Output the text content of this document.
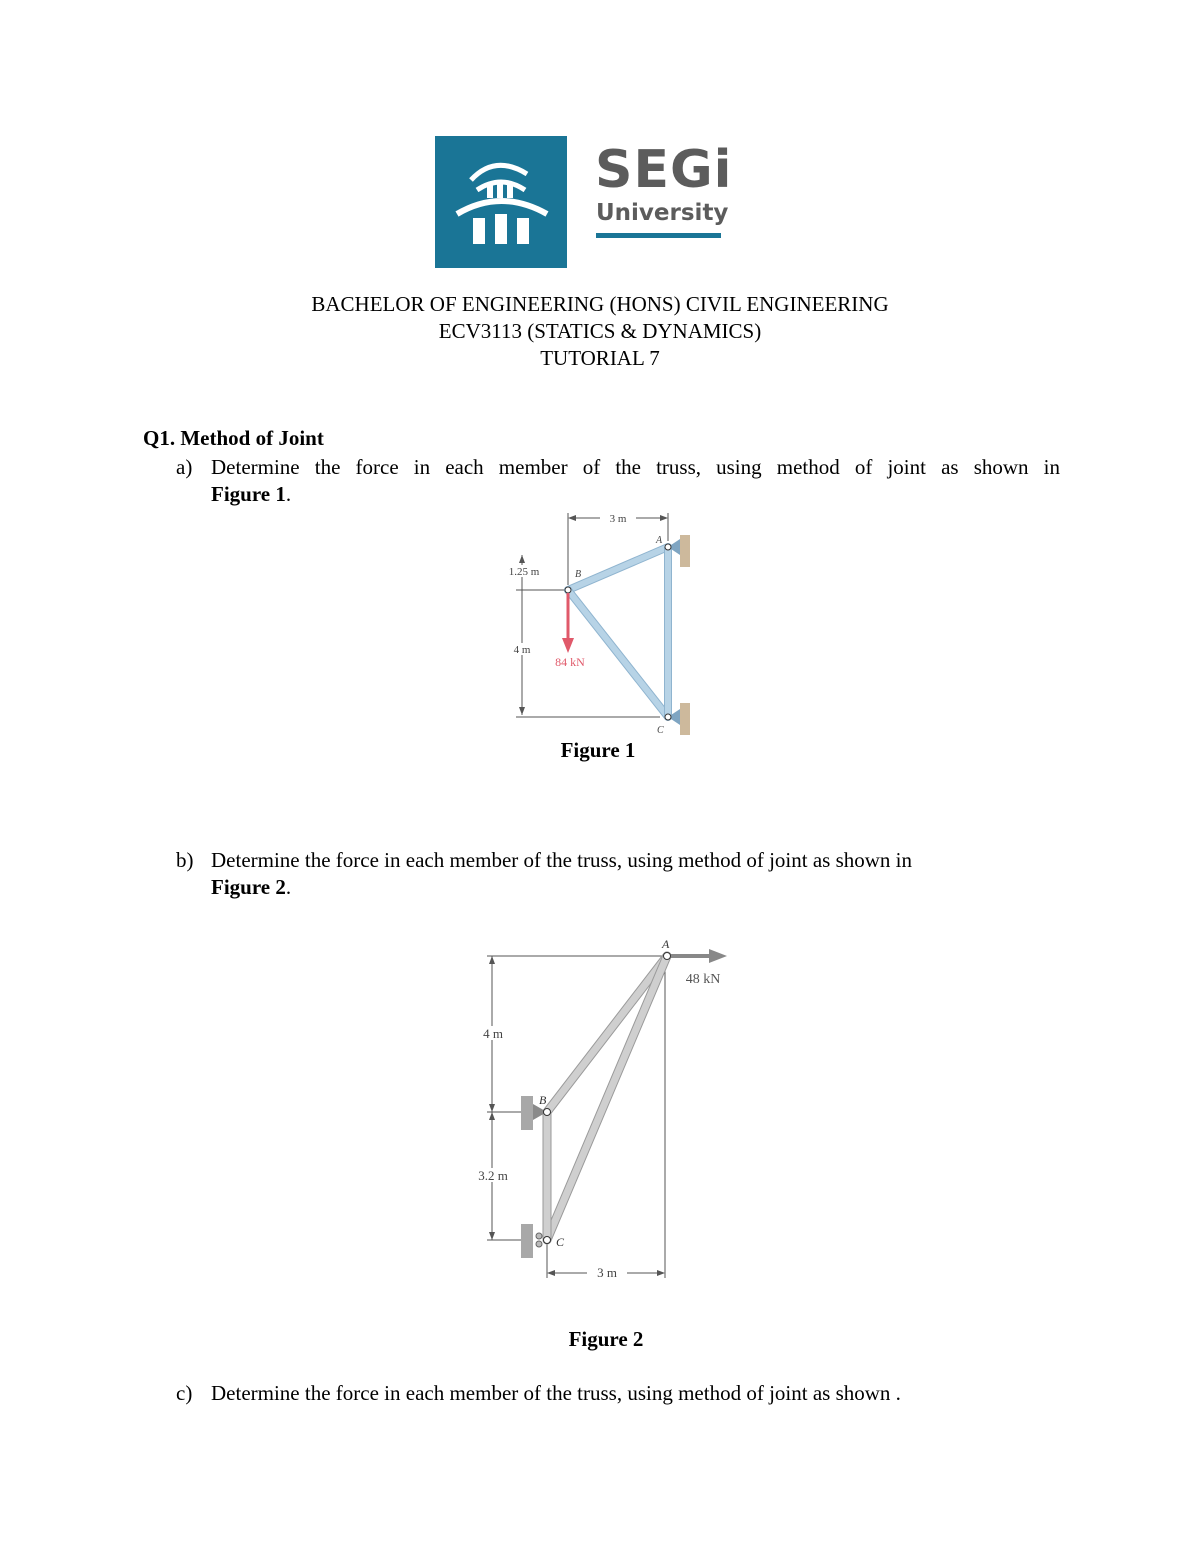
SEGi
University
BACHELOR OF ENGINEERING (HONS) CIVIL ENGINEERING
ECV3113 (STATICS & DYNAMICS)
TUTORIAL 7
Q1. Method of Joint
a) Determine the force in each member of the truss, using method of joint as shown in
Figure 1.
3 m
1.25 m
4 m
84 kN
B
A
C
Figure 1
b) Determine the force in each member of the truss, using method of joint as shown in
Figure 2.
4 m
3.2 m
3 m
48 kN
A
B
C
Figure 2
c) Determine the force in each member of the truss, using method of joint as shown .
